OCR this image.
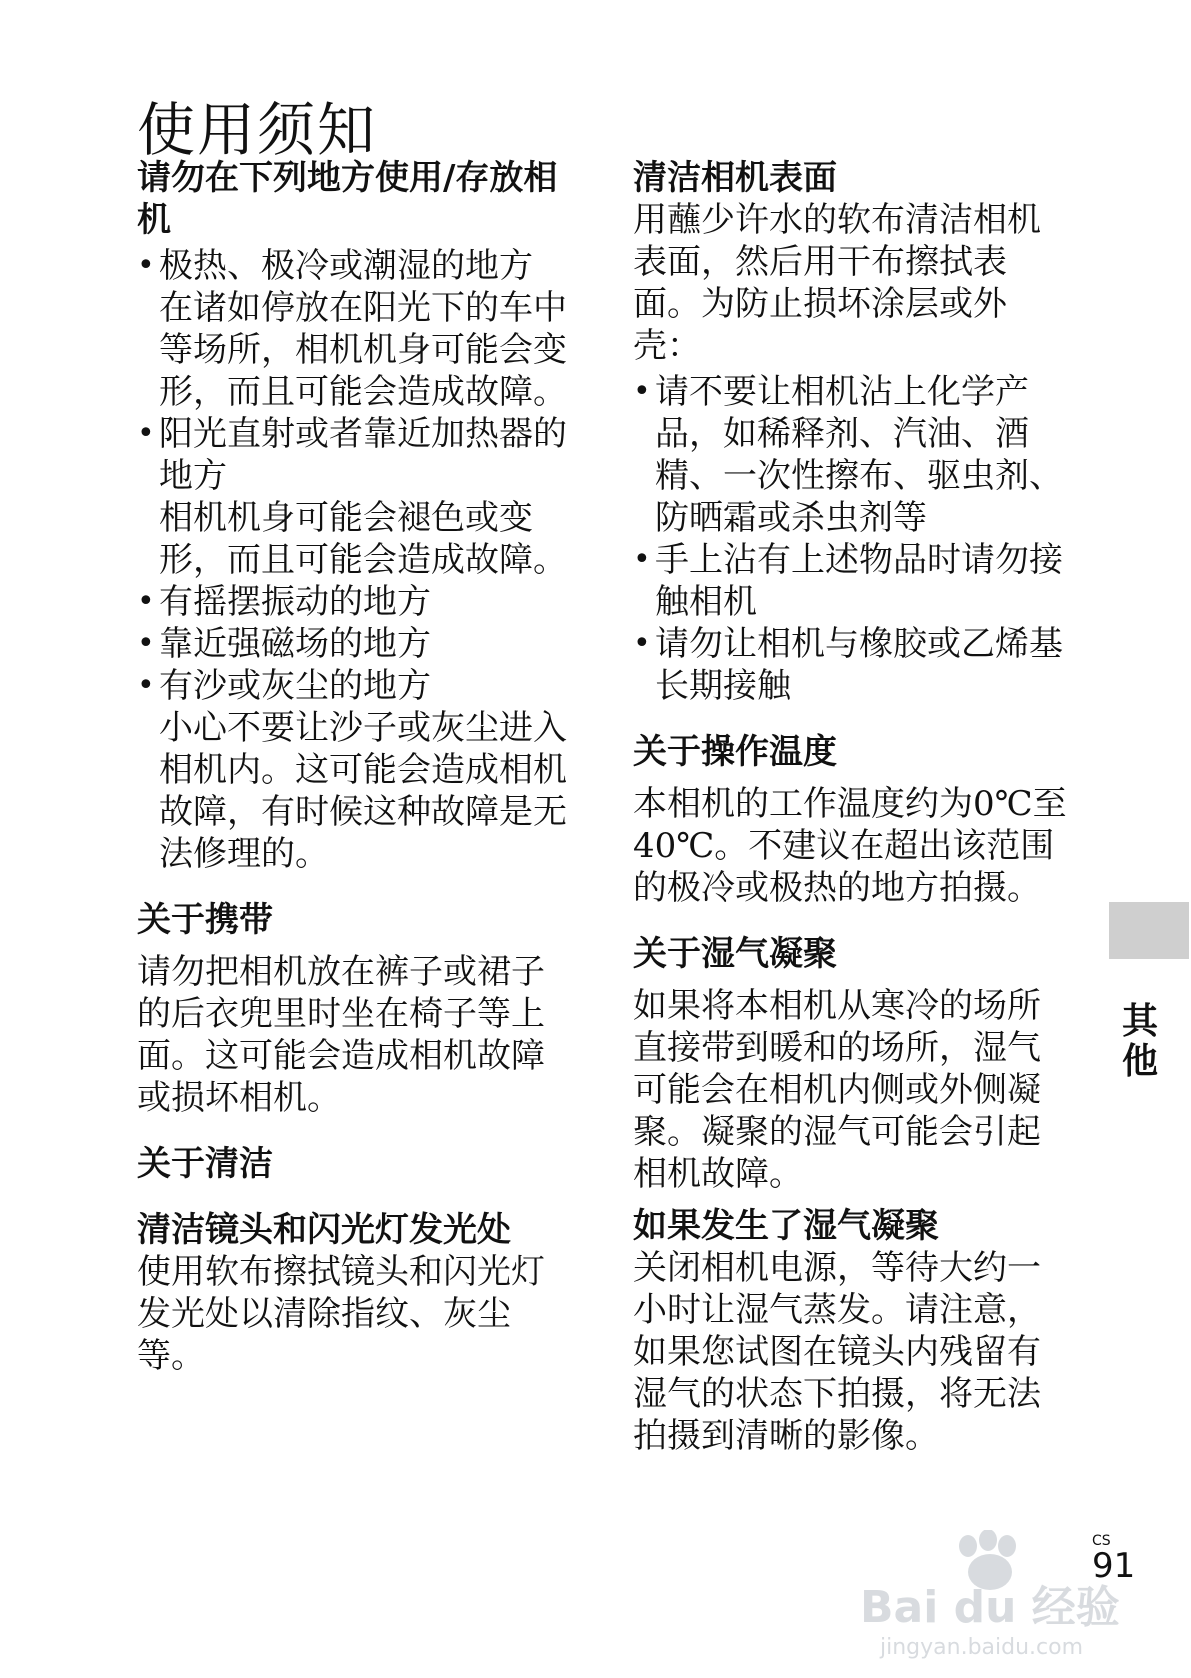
使用须知
请勿在下列地方使用/存放相机
• 极热、极冷或潮湿的地方
在诸如停放在阳光下的车中等场所，相机机身可能会变形，而且可能会造成故障。
• 阳光直射或者靠近加热器的地方
相机机身可能会褪色或变形，而且可能会造成故障。
• 有摇摆振动的地方
• 靠近强磁场的地方
• 有沙或灰尘的地方
小心不要让沙子或灰尘进入相机内。这可能会造成相机故障，有时候这种故障是无法修理的。
关于携带

请勿把相机放在裤子或裙子的后衣兜里时坐在椅子等上面。这可能会造成相机故障或损坏相机。

关于清洁
清洁镜头和闪光灯发光处

使用软布擦拭镜头和闪光灯发光处以清除指纹、灰尘等。

清洁相机表面

用蘸少许水的软布清洁相机表面，然后用干布擦拭表面。为防止损坏涂层或外壳：

• 请不要让相机沾上化学产品，如稀释剂、汽油、酒精、一次性擦布、驱虫剂、防晒霜或杀虫剂等
• 手上沾有上述物品时请勿接触相机
• 请勿让相机与橡胶或乙烯基长期接触
关于操作温度

本相机的工作温度约为0℃至40℃。不建议在超出该范围的极冷或极热的地方拍摄。

关于湿气凝聚

如果将本相机从寒冷的场所直接带到暖和的场所，湿气可能会在相机内侧或外侧凝聚。凝聚的湿气可能会引起相机故障。

如果发生了湿气凝聚

关闭相机电源，等待大约一小时让湿气蒸发。请注意，如果您试图在镜头内残留有湿气的状态下拍摄，将无法拍摄到清晰的影像。

其他
Bai du 经验
jingyan.baidu.com
CS
91
